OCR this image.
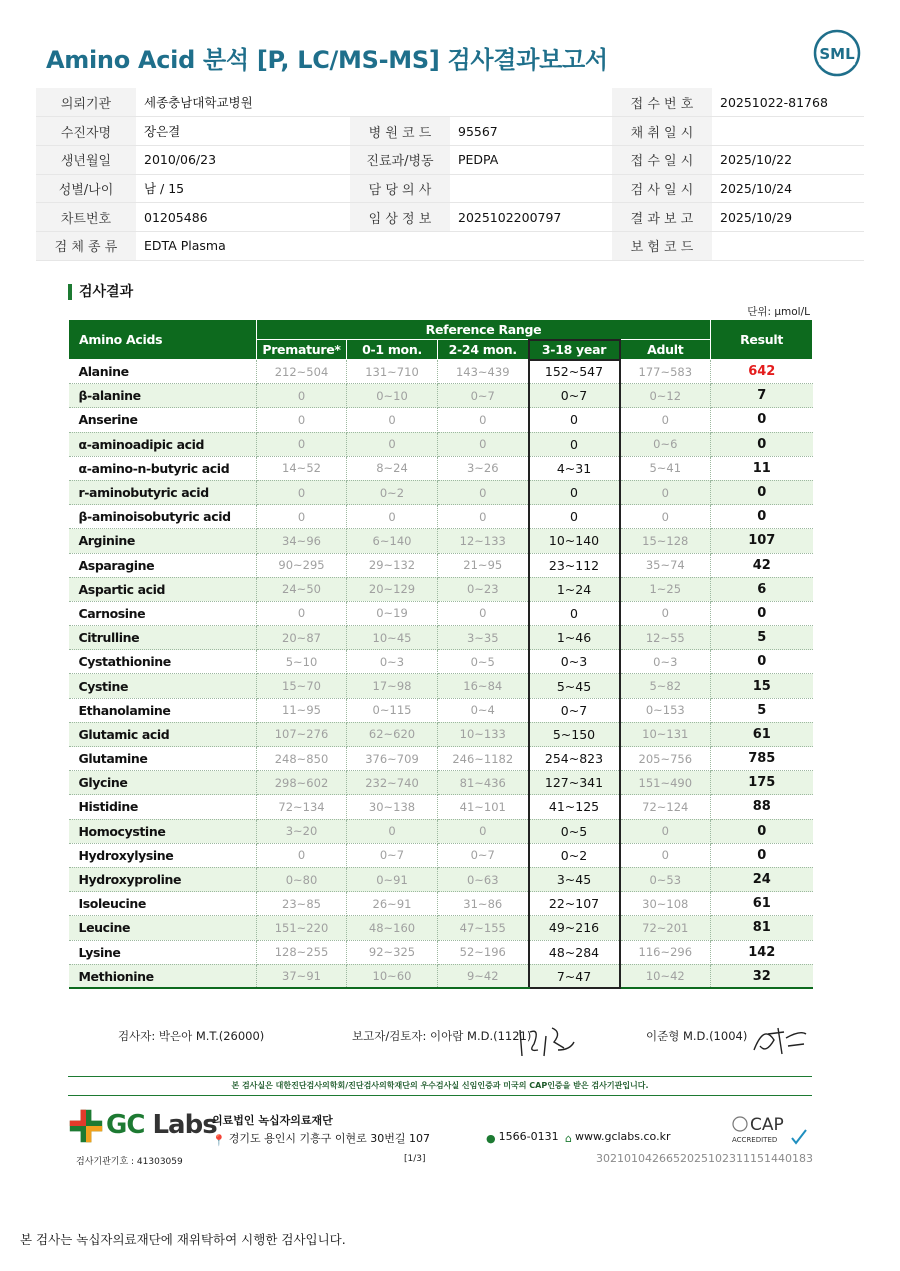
Amino Acid 분석 [P, LC/MS-MS] 검사결과보고서	SML
의뢰기관	세종충남대학교병원			접 수 번 호	20251022-81768
수진자명	장은결	병 원 코 드	95567	채 취 일 시	
생년월일	2010/06/23	진료과/병동	PEDPA	접 수 일 시	2025/10/22
성별/나이	남 / 15	담 당 의 사		검 사 일 시	2025/10/24
차트번호	01205486	임 상 정 보	2025102200797	결 과 보 고	2025/10/29
검 체 종 류	EDTA Plasma			보 험 코 드	
검사결과
단위: μmol/L
Amino Acids	Reference Range					Result
	Premature*	0-1 mon.	2-24 mon.	3-18 year	Adult	
Alanine	212~504	131~710	143~439	152~547	177~583	642
β-alanine	0	0~10	0~7	0~7	0~12	7
Anserine	0	0	0	0	0	0
α-aminoadipic acid	0	0	0	0	0~6	0
α-amino-n-butyric acid	14~52	8~24	3~26	4~31	5~41	11
r-aminobutyric acid	0	0~2	0	0	0	0
β-aminoisobutyric acid	0	0	0	0	0	0
Arginine	34~96	6~140	12~133	10~140	15~128	107
Asparagine	90~295	29~132	21~95	23~112	35~74	42
Aspartic acid	24~50	20~129	0~23	1~24	1~25	6
Carnosine	0	0~19	0	0	0	0
Citrulline	20~87	10~45	3~35	1~46	12~55	5
Cystathionine	5~10	0~3	0~5	0~3	0~3	0
Cystine	15~70	17~98	16~84	5~45	5~82	15
Ethanolamine	11~95	0~115	0~4	0~7	0~153	5
Glutamic acid	107~276	62~620	10~133	5~150	10~131	61
Glutamine	248~850	376~709	246~1182	254~823	205~756	785
Glycine	298~602	232~740	81~436	127~341	151~490	175
Histidine	72~134	30~138	41~101	41~125	72~124	88
Homocystine	3~20	0	0	0~5	0	0
Hydroxylysine	0	0~7	0~7	0~2	0	0
Hydroxyproline	0~80	0~91	0~63	3~45	0~53	24
Isoleucine	23~85	26~91	31~86	22~107	30~108	61
Leucine	151~220	48~160	47~155	49~216	72~201	81
Lysine	128~255	92~325	52~196	48~284	116~296	142
Methionine	37~91	10~60	9~42	7~47	10~42	32
검사자: 박은아 M.T.(26000)	보고자/검토자: 이아람 M.D.(1121)	이준형 M.D.(1004)
본 검사실은 대한진단검사의학회/진단검사의학재단의 우수검사실 신임인증과 미국의 CAP인증을 받은 검사기관입니다.
GC Labs
의료법인 녹십자의료재단
📍 경기도 용인시 기흥구 이현로 30번길 107	● 1566-0131 ⌂ www.gclabs.co.kr
CAP
ACCREDITED
검사기관기호 : 41303059	[1/3]	302101042665202510231115144​0183
본 검사는 녹십자의료재단에 재위탁하여 시행한 검사입니다.
